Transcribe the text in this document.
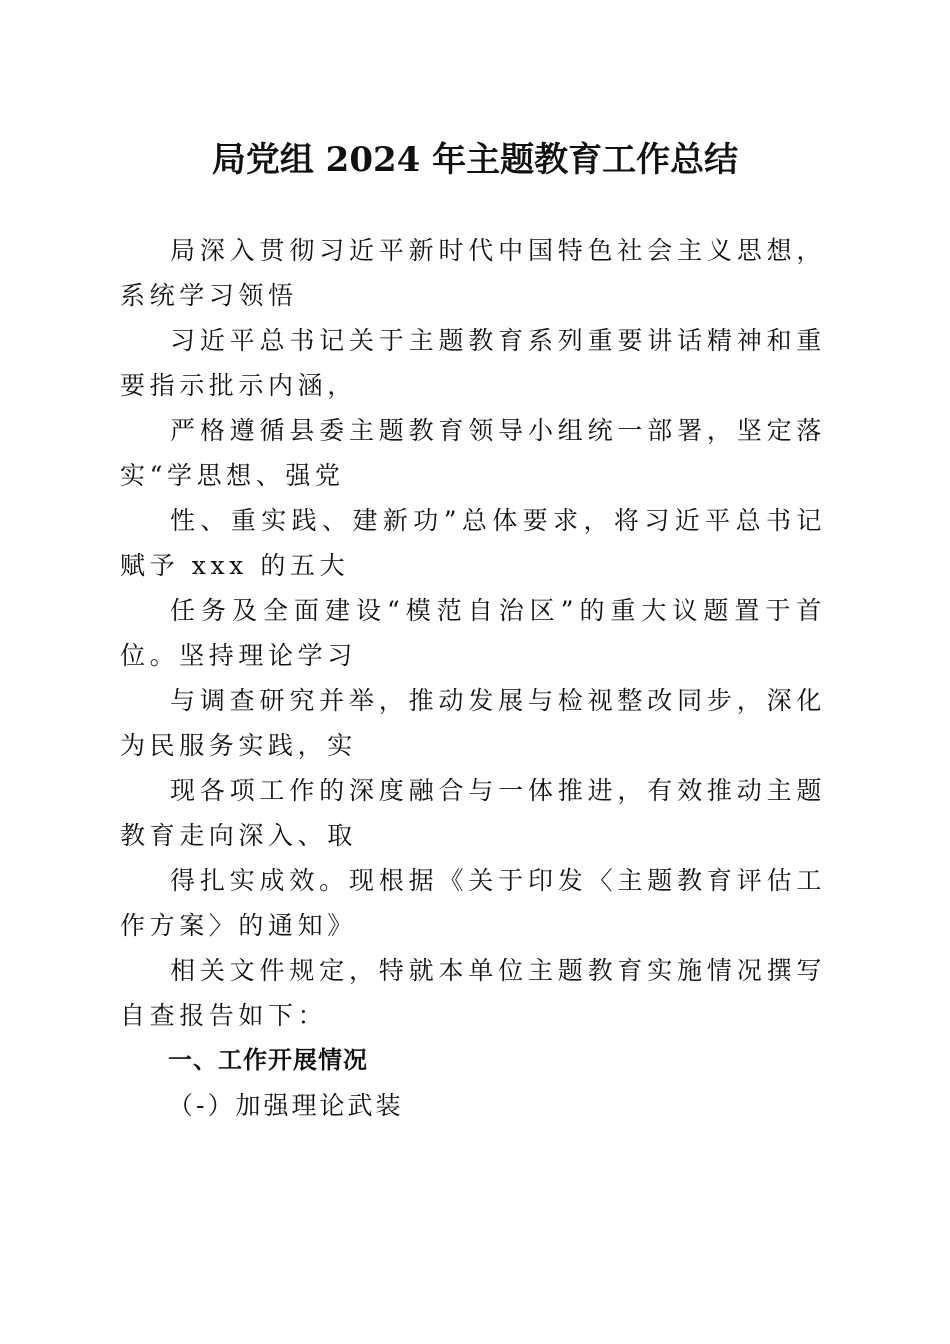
局党组 2024 年主题教育工作总结

局深入贯彻习近平新时代中国特色社会主义思想，系统学习领悟

习近平总书记关于主题教育系列重要讲话精神和重要指示批示内涵，

严格遵循县委主题教育领导小组统一部署，坚定落实“学思想、强党

性、重实践、建新功”总体要求，将习近平总书记赋予 xxx 的五大

任务及全面建设“模范自治区”的重大议题置于首位。坚持理论学习

与调查研究并举，推动发展与检视整改同步，深化为民服务实践，实

现各项工作的深度融合与一体推进，有效推动主题教育走向深入、取

得扎实成效。现根据《关于印发〈主题教育评估工作方案〉的通知》

相关文件规定，特就本单位主题教育实施情况撰写自查报告如下：

一、工作开展情况

（-）加强理论武装
